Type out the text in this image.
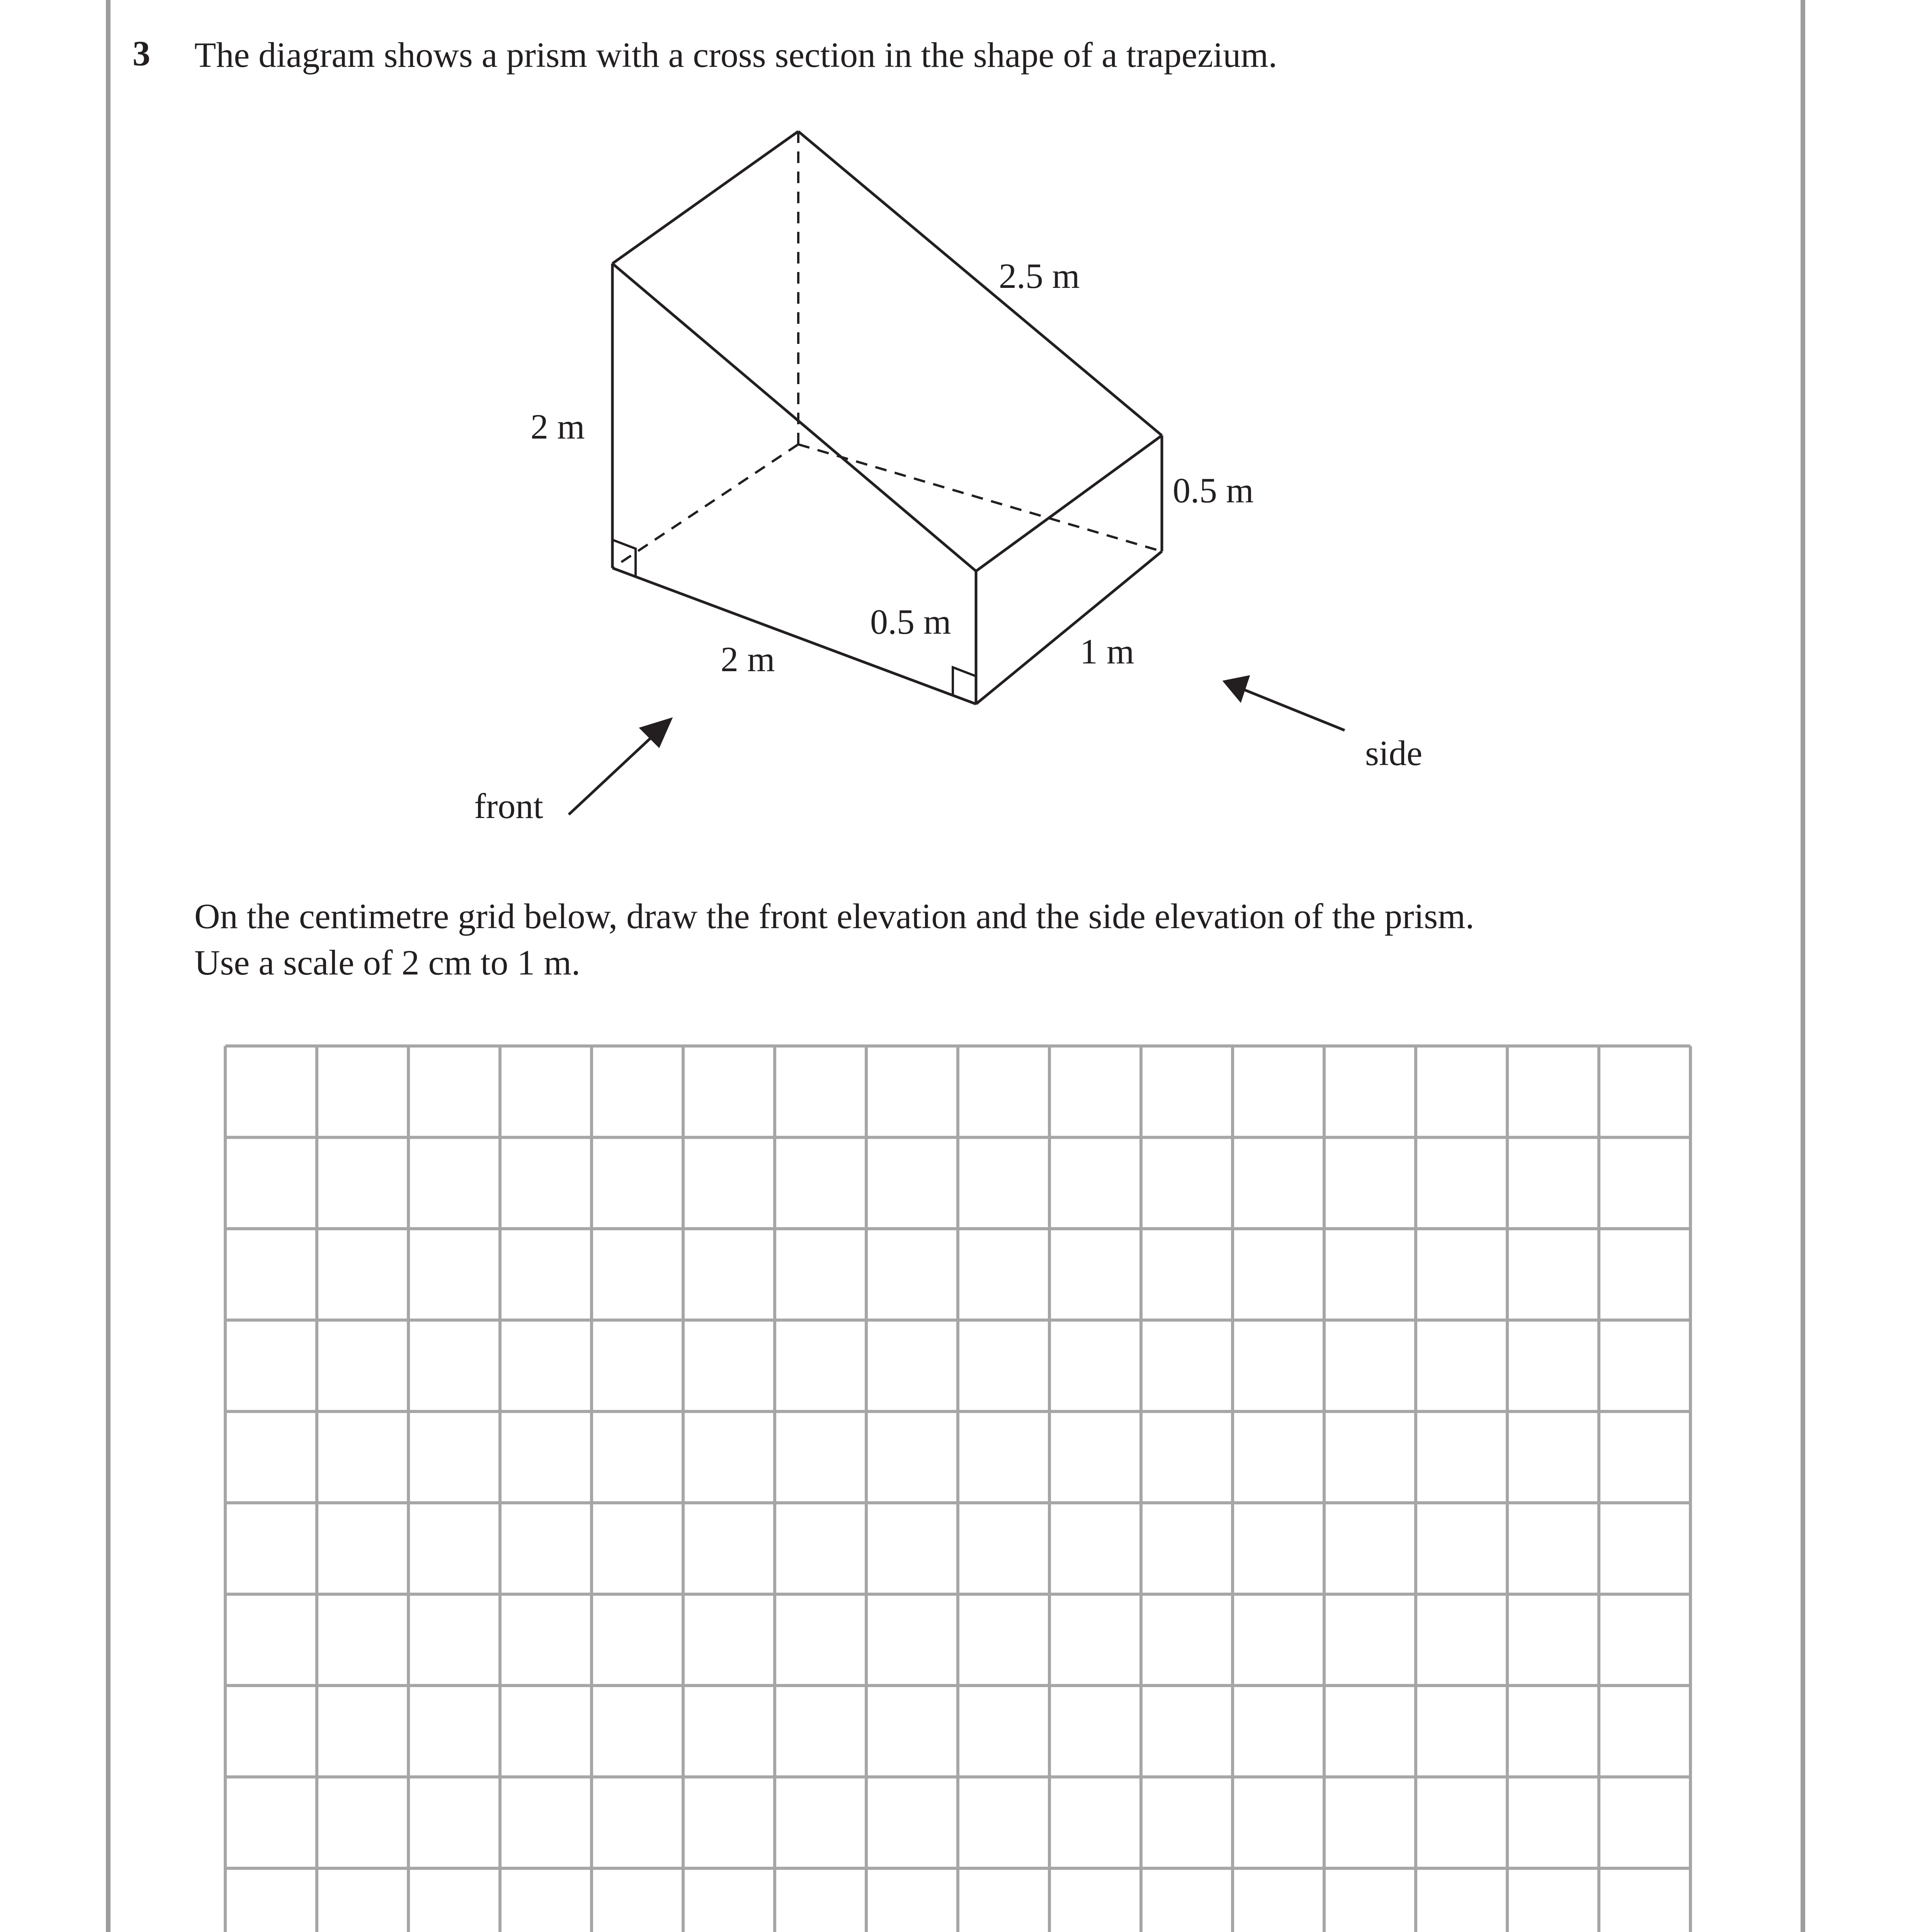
3 The diagram shows a prism with a cross section in the shape of a trapezium.
2.5 m
2 m
0.5 m
0.5 m
2 m	1 m
front
side
On the centimetre grid below, draw the front elevation and the side elevation of the prism.
Use a scale of 2 cm to 1 m.
